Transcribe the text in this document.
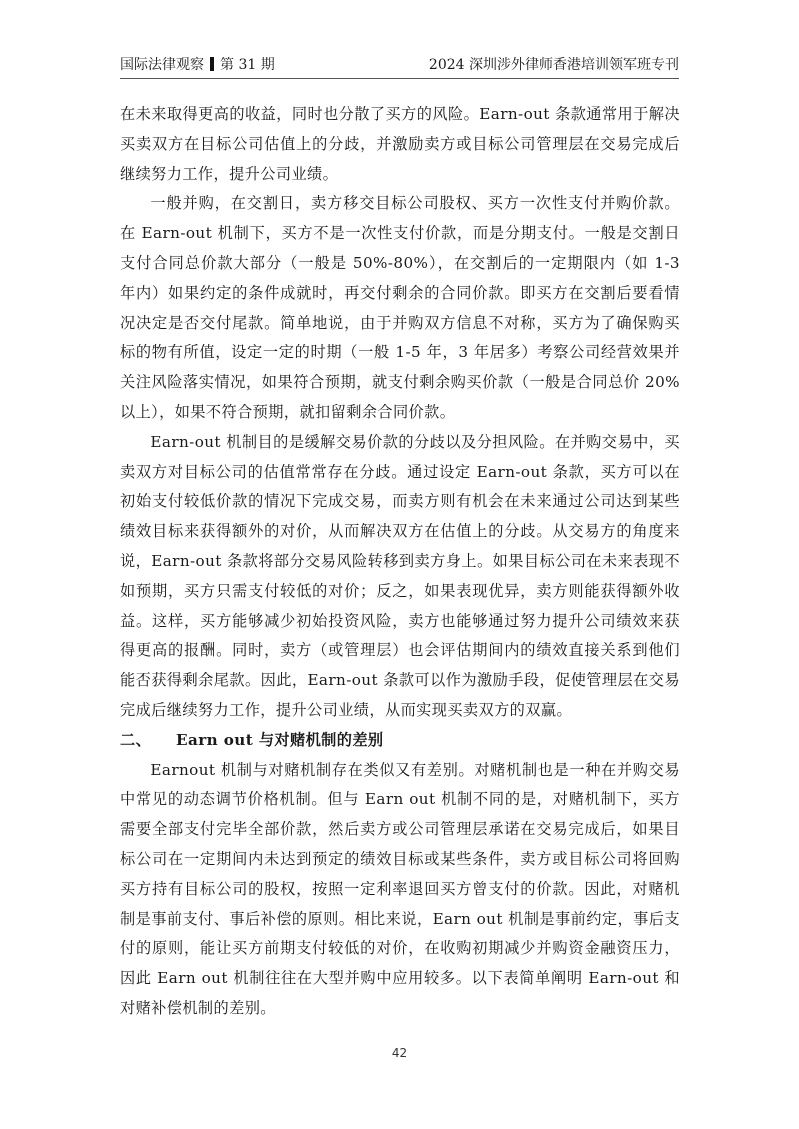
国际法律观察 第 31 期	2024 深圳涉外律师香港培训领军班专刊

在未来取得更高的收益，同时也分散了买方的风险。Earn-out 条款通常用于解决买卖双方在目标公司估值上的分歧，并激励卖方或目标公司管理层在交易完成后继续努力工作，提升公司业绩。

一般并购，在交割日，卖方移交目标公司股权、买方一次性支付并购价款。在 Earn-out 机制下，买方不是一次性支付价款，而是分期支付。一般是交割日支付合同总价款大部分（一般是 50%-80%），在交割后的一定期限内（如 1-3 年内）如果约定的条件成就时，再交付剩余的合同价款。即买方在交割后要看情况决定是否交付尾款。简单地说，由于并购双方信息不对称，买方为了确保购买标的物有所值，设定一定的时期（一般 1-5 年，3 年居多）考察公司经营效果并关注风险落实情况，如果符合预期，就支付剩余购买价款（一般是合同总价 20%以上），如果不符合预期，就扣留剩余合同价款。

Earn-out 机制目的是缓解交易价款的分歧以及分担风险。在并购交易中，买卖双方对目标公司的估值常常存在分歧。通过设定 Earn-out 条款，买方可以在初始支付较低价款的情况下完成交易，而卖方则有机会在未来通过公司达到某些绩效目标来获得额外的对价，从而解决双方在估值上的分歧。从交易方的角度来说，Earn-out 条款将部分交易风险转移到卖方身上。如果目标公司在未来表现不如预期，买方只需支付较低的对价；反之，如果表现优异，卖方则能获得额外收益。这样，买方能够减少初始投资风险，卖方也能够通过努力提升公司绩效来获得更高的报酬。同时，卖方（或管理层）也会评估期间内的绩效直接关系到他们能否获得剩余尾款。因此，Earn-out 条款可以作为激励手段，促使管理层在交易完成后继续努力工作，提升公司业绩，从而实现买卖双方的双赢。

二、 Earn out 与对赌机制的差别

Earnout 机制与对赌机制存在类似又有差别。对赌机制也是一种在并购交易中常见的动态调节价格机制。但与 Earn out 机制不同的是，对赌机制下，买方需要全部支付完毕全部价款，然后卖方或公司管理层承诺在交易完成后，如果目标公司在一定期间内未达到预定的绩效目标或某些条件，卖方或目标公司将回购买方持有目标公司的股权，按照一定利率退回买方曾支付的价款。因此，对赌机制是事前支付、事后补偿的原则。相比来说，Earn out 机制是事前约定，事后支付的原则，能让买方前期支付较低的对价，在收购初期减少并购资金融资压力，因此 Earn out 机制往往在大型并购中应用较多。以下表简单阐明 Earn-out 和对赌补偿机制的差别。

42
